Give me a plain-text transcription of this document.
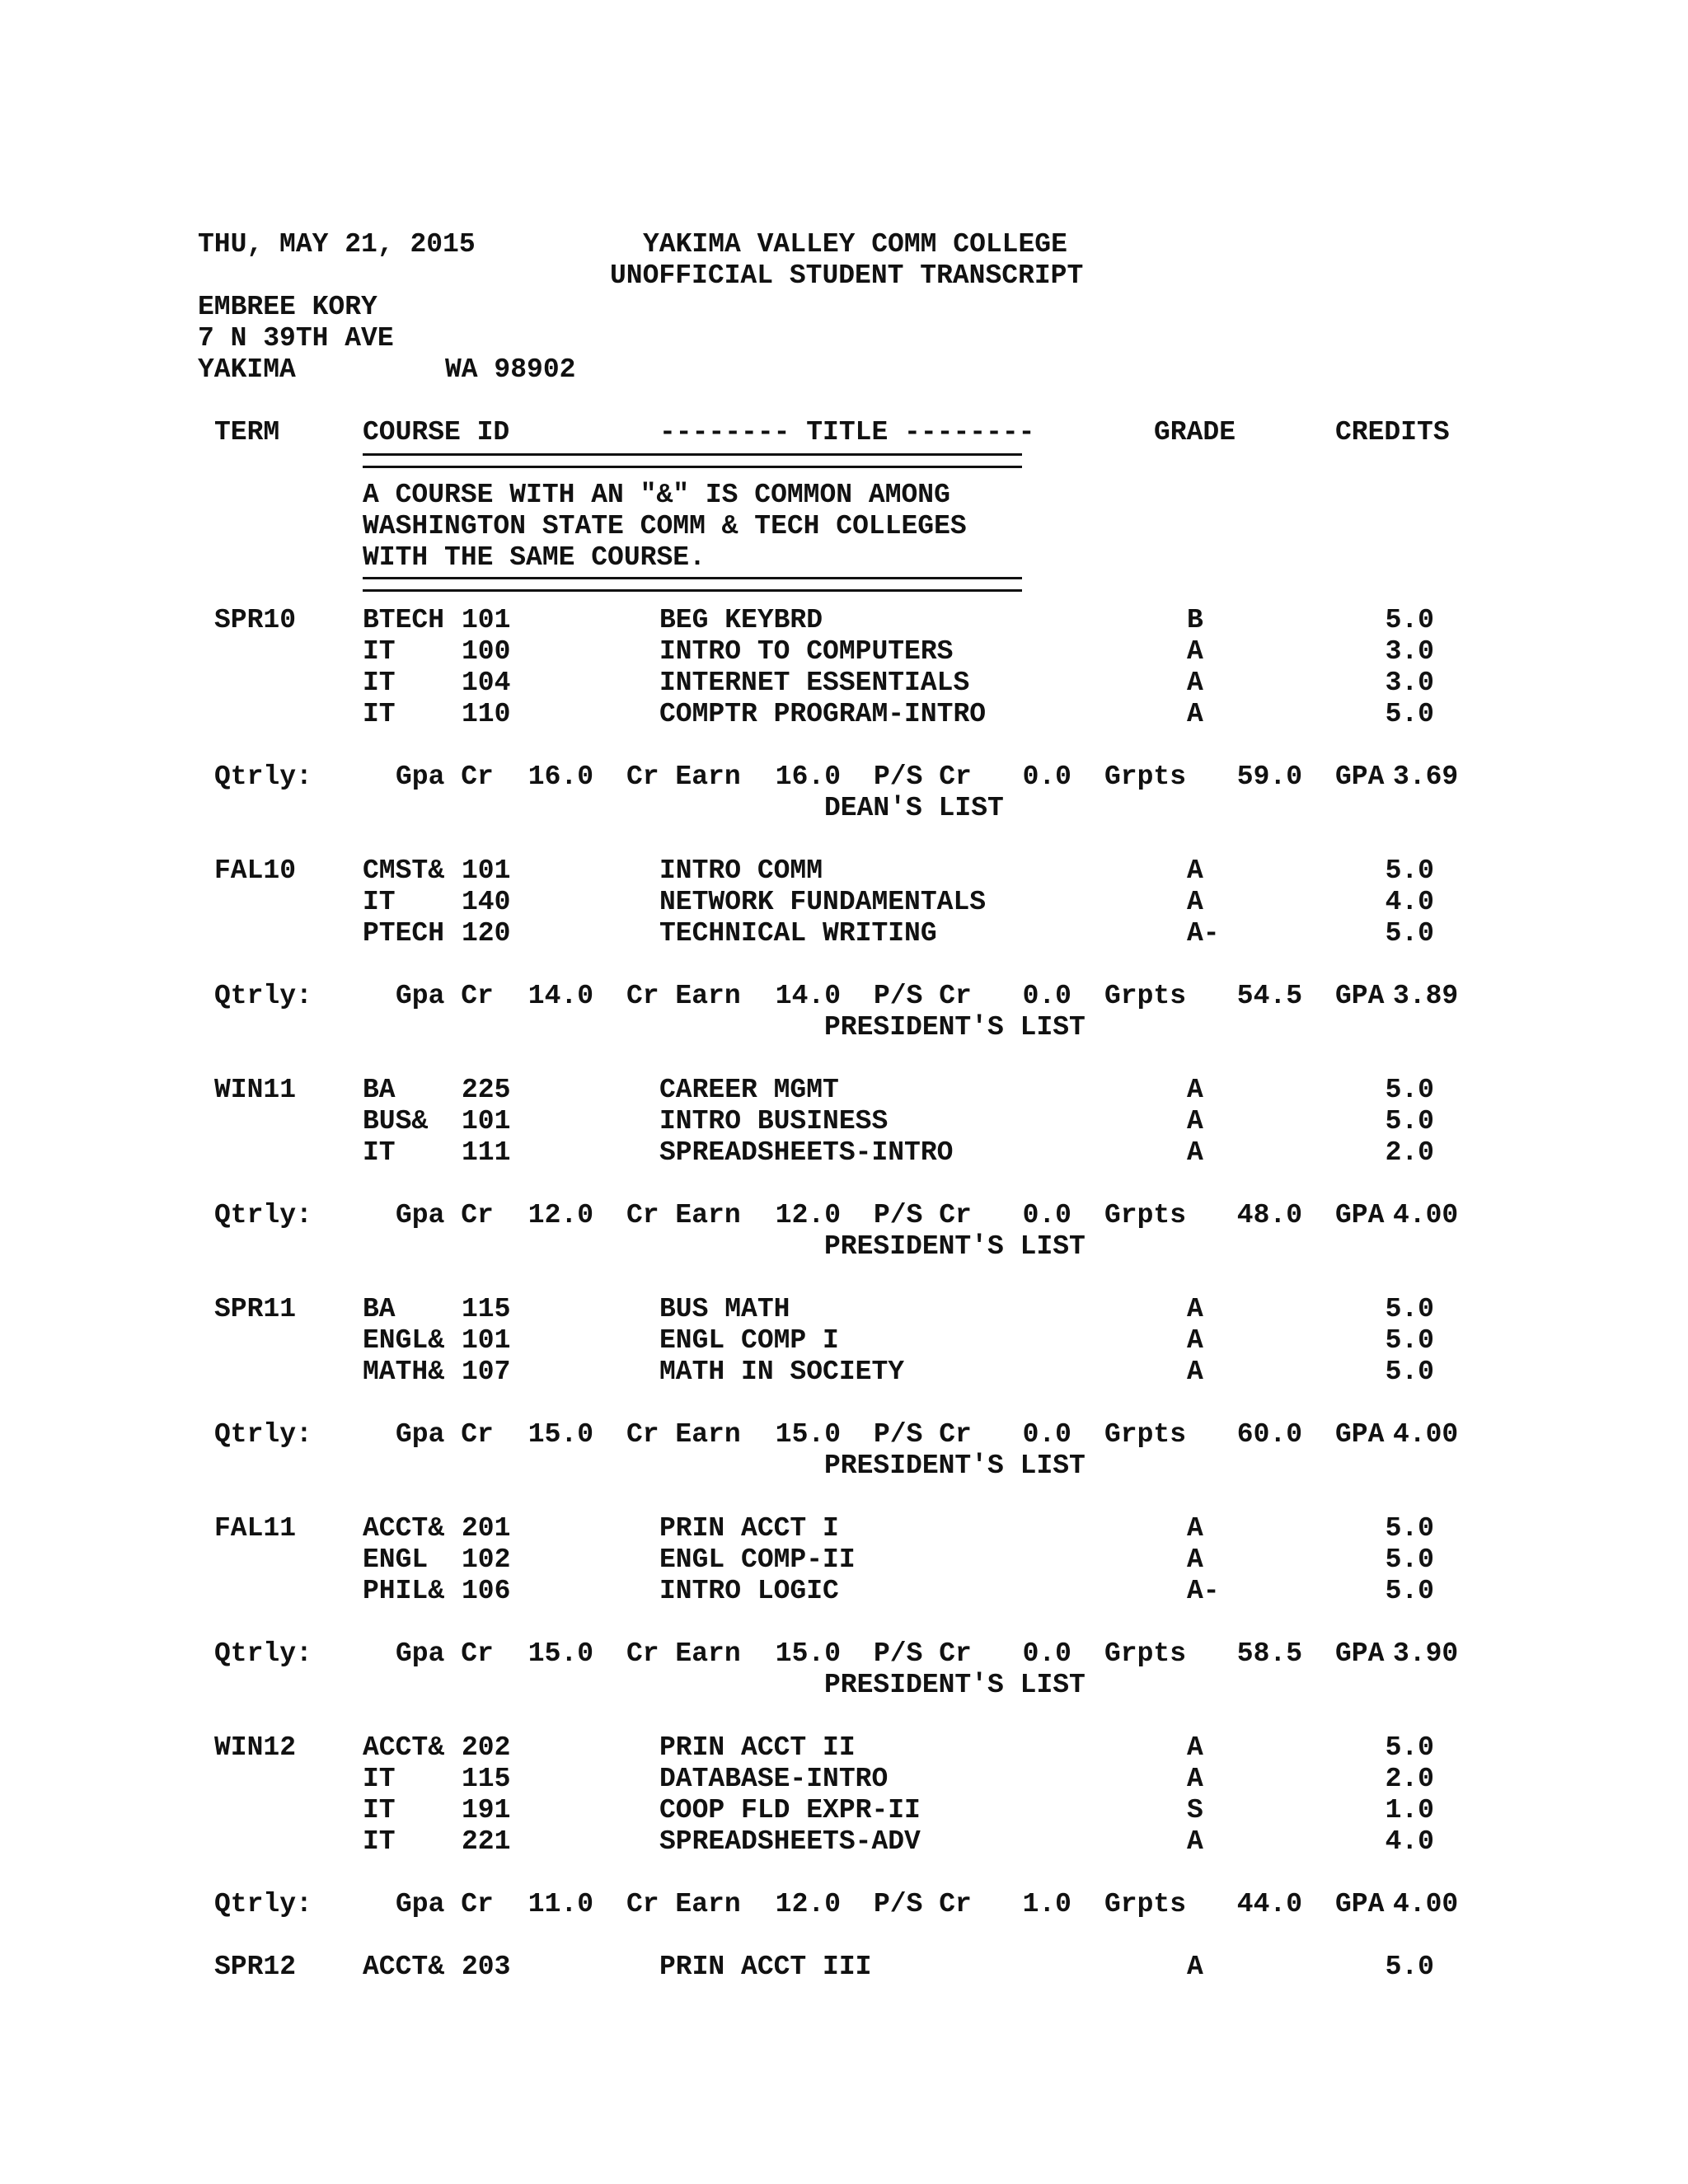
THU, MAY 21, 2015	YAKIMA VALLEY COMM COLLEGE
UNOFFICIAL STUDENT TRANSCRIPT
EMBREE KORY
7 N 39TH AVE
YAKIMA	WA 98902
TERM	COURSE ID	-------- TITLE --------	GRADE	CREDITS
A COURSE WITH AN "&" IS COMMON AMONG
WASHINGTON STATE COMM & TECH COLLEGES
WITH THE SAME COURSE.
SPR10 BTECH 101	BEG KEYBRD	B	5.0
IT 100	INTRO TO COMPUTERS	A	3.0
IT 104	INTERNET ESSENTIALS	A	3.0
IT 110	COMPTR PROGRAM-INTRO	A	5.0
Qtrly:	Gpa Cr 16.0 Cr Earn 16.0 P/S Cr 0.0 Grpts 59.0 GPA 3.69
DEAN'S LIST
FAL10 CMST& 101	INTRO COMM	A	5.0
IT 140	NETWORK FUNDAMENTALS	A	4.0
PTECH 120	TECHNICAL WRITING	A-	5.0
Qtrly:	Gpa Cr 14.0 Cr Earn 14.0 P/S Cr 0.0 Grpts 54.5 GPA 3.89
PRESIDENT'S LIST
WIN11 BA 225	CAREER MGMT	A	5.0
BUS& 101	INTRO BUSINESS	A	5.0
IT 111	SPREADSHEETS-INTRO	A	2.0
Qtrly:	Gpa Cr 12.0 Cr Earn 12.0 P/S Cr 0.0 Grpts 48.0 GPA 4.00
PRESIDENT'S LIST
SPR11 BA 115	BUS MATH	A	5.0
ENGL& 101	ENGL COMP I	A	5.0
MATH& 107	MATH IN SOCIETY	A	5.0
Qtrly:	Gpa Cr 15.0 Cr Earn 15.0 P/S Cr 0.0 Grpts 60.0 GPA 4.00
PRESIDENT'S LIST
FAL11 ACCT& 201	PRIN ACCT I	A	5.0
ENGL 102	ENGL COMP-II	A	5.0
PHIL& 106	INTRO LOGIC	A-	5.0
Qtrly:	Gpa Cr 15.0 Cr Earn 15.0 P/S Cr 0.0 Grpts 58.5 GPA 3.90
PRESIDENT'S LIST
WIN12 ACCT& 202	PRIN ACCT II	A	5.0
IT 115	DATABASE-INTRO	A	2.0
IT 191	COOP FLD EXPR-II	S	1.0
IT 221	SPREADSHEETS-ADV	A	4.0
Qtrly:	Gpa Cr 11.0 Cr Earn 12.0 P/S Cr 1.0 Grpts 44.0 GPA 4.00
SPR12 ACCT& 203	PRIN ACCT III	A	5.0
